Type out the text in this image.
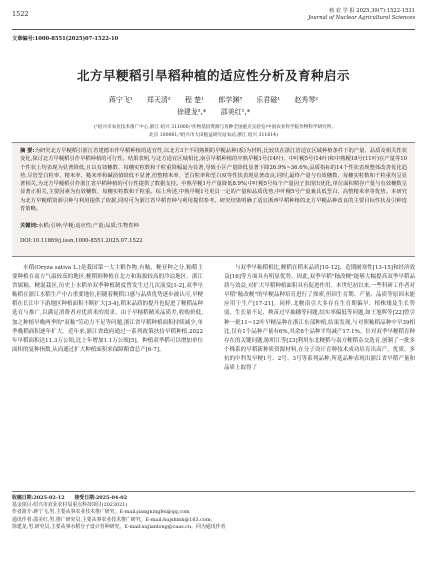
1522	核 农 学 报 2025,39(7):1522-1531
Journal of Nuclear Agricultural Sciences
文章编号:1000-8551(2025)07-1522-10
北方早粳稻引旱稻种植的适应性分析及育种启示
蒋宁飞¹ 郑天清² 程 楚¹ 郎学渊³ 乐君磁¹ 赵秀琴²
徐建龙²,* 邵美红¹,*
(¹绍兴市农业技术推广中心,浙江 绍兴 311000;²作物基因资源与育种全国重点实验室/中国农业科学院作物科学研究所,
北京 100081;³绍兴市大田植益研究站农站,浙江 绍兴 311614)
摘 要:为研究北方早粳稻引浙江省建德市作早稻种植的适宜性,以北方3个不同熟期的早粳品种(系)为材料,比较其在浙江省适宜区域种植条件下的产量、品质及相关性状变化,探讨北方早粳稻引作早稻种植的可行性。结果表明,与北方适宜区域相比,南引早稻种植的中熟早粳1号(14叶)、中叶粳5号(14叶)和中熟粳18号(11叶)在产量等10个性状上均表现为显著降低,且以有效穗数、每穗实粒数和千粒重降幅最为显著,导致小区产量降低显著下降26.9%~36.6%,品质指标的14个性状表现整体改善优化趋势,尽管垩白粒率、精米率、糙米率和碱消值降低不显著,但整精米率、垩白粒率和垩白度等性状表现显著改良;同时,最终产量与有效穗数、每穗实粒数和千粒重均呈显著相关,为北方早粳稻引作浙江省早稻种植的可行性提供了数据支持。中熟早粳1号产量降低8.9%;中叶粳5号每个产量因子表现出优化,单位面积稻谷产量与有效穗数呈显著正相关,主要因素为有效穗数、每穗实粒数和千粒重。综上所述,中熟早粳1号更具一定的产量和品质优势,中叶粳5号产量兼具低垩白、高整精米率等优势。本研究为北方早粳稻资源引种与利用提供了依据,同时可为浙江省早稻育种与利用提供参考。研究结果明确了适宜浙西早稻种植的北方早粳品种改良的主要目标性状及引种选育策略。
关键词:水稻;引种;早粳;适应性;产量;品质;生物育种
DOI:10.11869/j.issn.1000-8551.2025.07.1522

水稻(Oryza sativa L.)是我国第一大主粮作物,有籼、粳亚种之分,籼稻主要种植在南方气温较高的地区,粳稻则种植在北方和海拔较高的冷凉地区。浙江省属籼、粳混栽区,历史上水稻单双季种植制度曾发生过几次演变[1-2],双季早籼稻在浙江水稻生产中占重要地位,但随着粳稻口感与品质优势逐步被认可,早粳稻在长江中下游地区种植面积不断扩大[3-4],稻米品质的提升也促进了粳稻品种选育与推广,以满足消费者对优质米的需求。由于早籼稻精米品质差,收购价低,加之种植早晚两季的"双籼"劳动力不足等问题,浙江省早稻种植面积持续减少,单季晚稻面积逐年扩大。近年来,浙江省政府通过一系列政策扶持早稻种植,2022年早稻面积达11.3万公顷,比上年增加1.1万公顷[5]。种植双季稻可以增加单位面积的复种指数,从而通过扩大种植面积来保障粮食总产[6-7]。

与双季早籼稻相比,粳稻在稻米品质[10-12]、造期耐寒性[13-15]和经济效益[16]等方面具有明显优势。因此,双季早稻"籼改粳"能够大幅提高双季早稻品质与效益,对扩大早稻种植面积具有促进作用。本世纪初以来,一些科研工作者对早稻"籼改粳"的早粳品种培育进行了探索,但因生育期、产量、品质等原因未能应用于生产[17-21]。同样,北粳南引大多存在生育期偏早、植株矮及生长势弱、生长量不足、秧苗过早抽穗等问题,结实率偏低等问题,如王旭晖等[22]曾引种一批11~12叶早粳品种在浙江东部种植,结果发现,与对照籼稻品种中早39相比,仅有1个品种产量有6%,其余8个品种平均减产17.1%。针对双季早粳稻育种存在的关键问题,陈明江等[23]利用东北粳稻与南方粳稻杂交选育,创制了一批多个株系的早稻新种质资源材料,在分子设计育种技术成功培育出高产、优质、多抗的中科发早粳1号、2号、3号等系列品种,所选品种表现出浙江省早稻产量和品质上取得了

收稿日期:2025-02-12　　 接受日期:2025-04-02
基金项目:绍兴市农业农村局重点科技项目(2023021)
作者简介:蒋宁飞,男,主要从事农业技术推广研究。E-mail:jiangningfei@qq.com
通讯作者:邵美红,男,推广研究员,主要从事农业技术推广研究。E-mail:hujshmh@163.com;
徐建龙,男,研究员,主要从事水稻分子设计育种研究。E-mail:xujianlong@caas.cn。同为通讯作者
